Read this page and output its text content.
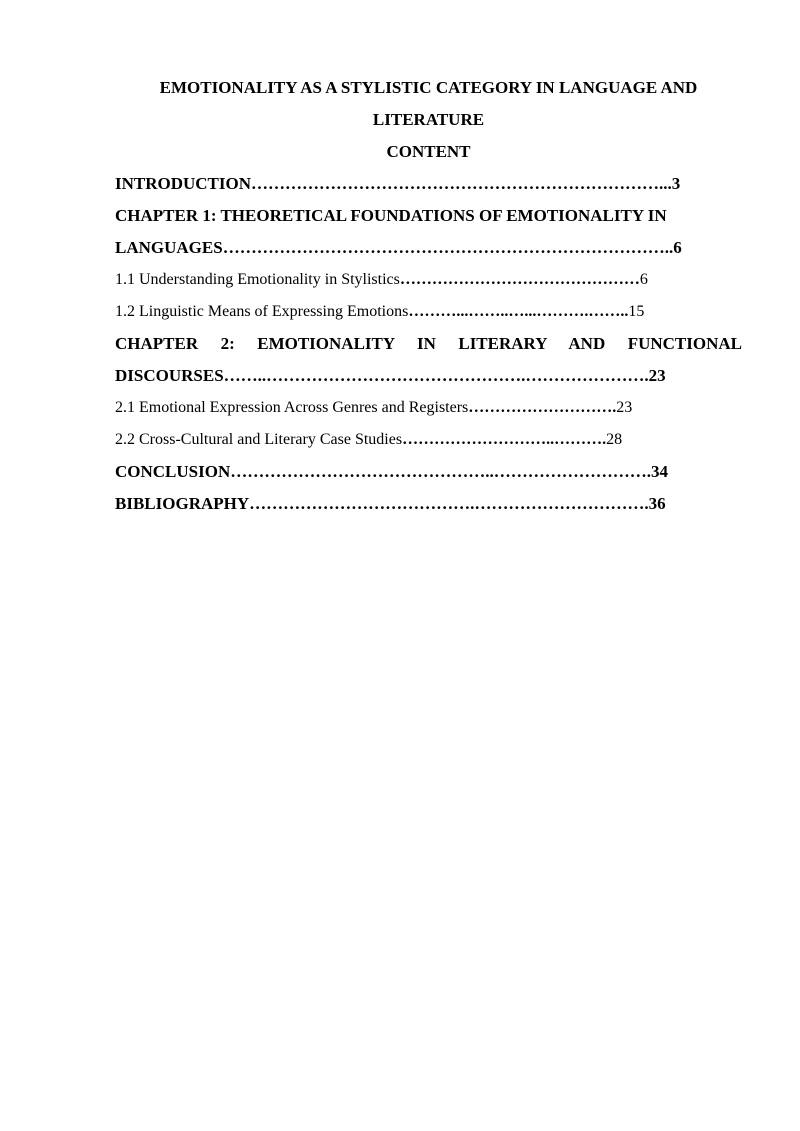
EMOTIONALITY AS A STYLISTIC CATEGORY IN LANGUAGE AND
LITERATURE
CONTENT
INTRODUCTION………………………………………………………………...3
CHAPTER 1: THEORETICAL FOUNDATIONS OF EMOTIONALITY IN
LANGUAGES……………………………………………………………………..6
1.1 Understanding Emotionality in Stylistics………………………………………6
1.2 Linguistic Means of Expressing Emotions………...……..…...……….……..15
CHAPTER 2: EMOTIONALITY IN LITERARY AND FUNCTIONAL
DISCOURSES……..……………………………………….………………….23
2.1 Emotional Expression Across Genres and Registers……………………….23
2.2 Cross-Cultural and Literary Case Studies………………………..……….28
CONCLUSION………………………………………..……………………….34
BIBLIOGRAPHY………………………………….………………………….36
